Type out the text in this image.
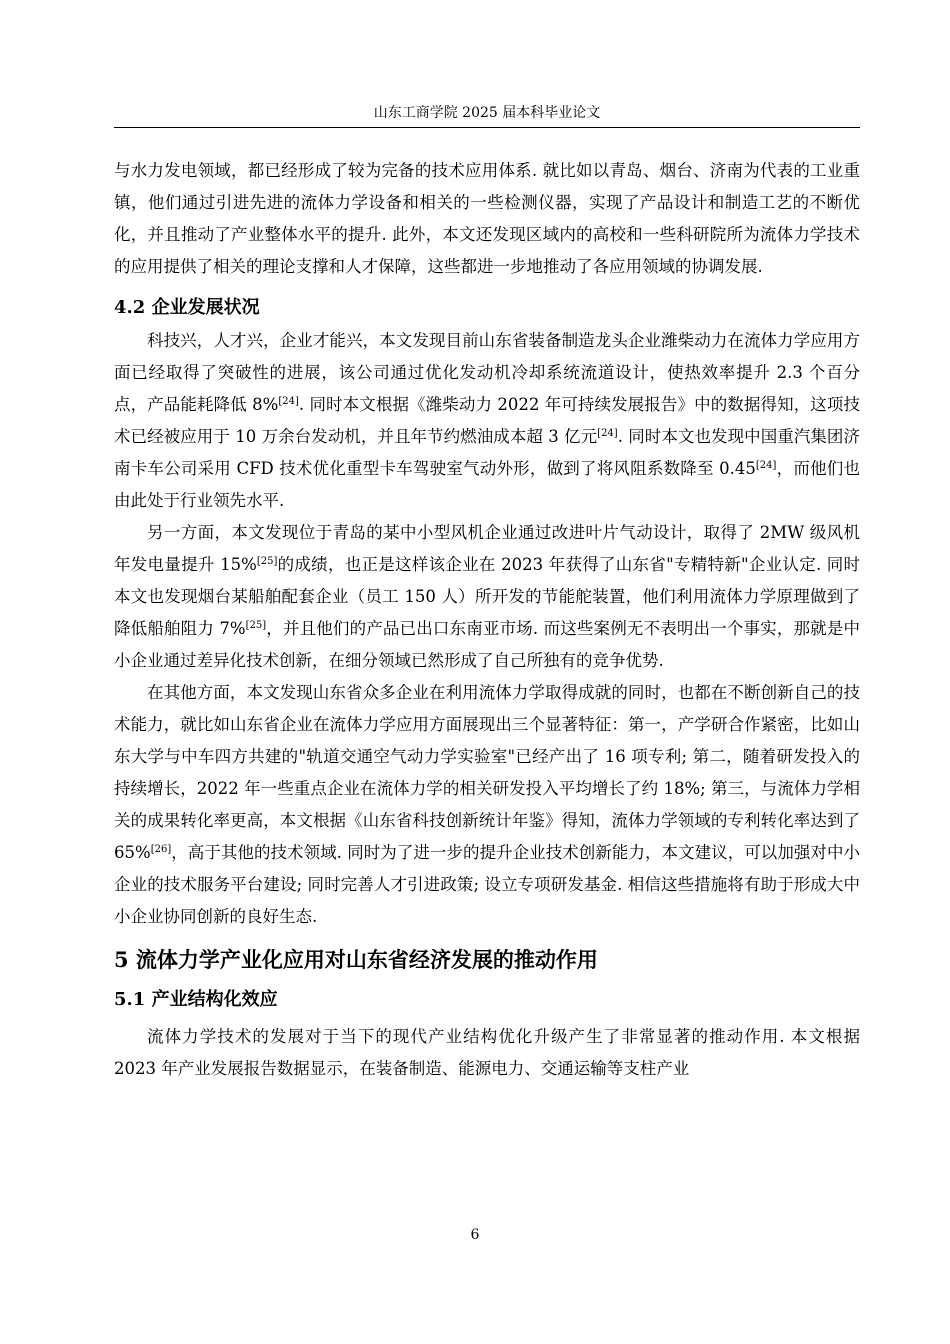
山东工商学院 2025 届本科毕业论文

与水力发电领域，都已经形成了较为完备的技术应用体系. 就比如以青岛、烟台、济南为代表的工业重镇，他们通过引进先进的流体力学设备和相关的一些检测仪器，实现了产品设计和制造工艺的不断优化，并且推动了产业整体水平的提升. 此外，本文还发现区域内的高校和一些科研院所为流体力学技术的应用提供了相关的理论支撑和人才保障，这些都进一步地推动了各应用领域的协调发展.

4.2 企业发展状况

科技兴，人才兴，企业才能兴，本文发现目前山东省装备制造龙头企业潍柴动力在流体力学应用方面已经取得了突破性的进展，该公司通过优化发动机冷却系统流道设计，使热效率提升 2.3 个百分点，产品能耗降低 8%[24]. 同时本文根据《潍柴动力 2022 年可持续发展报告》中的数据得知，这项技术已经被应用于 10 万余台发动机，并且年节约燃油成本超 3 亿元[24]. 同时本文也发现中国重汽集团济南卡车公司采用 CFD 技术优化重型卡车驾驶室气动外形，做到了将风阻系数降至 0.45[24]，而他们也由此处于行业领先水平.

另一方面，本文发现位于青岛的某中小型风机企业通过改进叶片气动设计，取得了 2MW 级风机年发电量提升 15%[25]的成绩，也正是这样该企业在 2023 年获得了山东省"专精特新"企业认定. 同时本文也发现烟台某船舶配套企业（员工 150 人）所开发的节能舵装置，他们利用流体力学原理做到了降低船舶阻力 7%[25]，并且他们的产品已出口东南亚市场. 而这些案例无不表明出一个事实，那就是中小企业通过差异化技术创新，在细分领域已然形成了自己所独有的竞争优势.

在其他方面，本文发现山东省众多企业在利用流体力学取得成就的同时，也都在不断创新自己的技术能力，就比如山东省企业在流体力学应用方面展现出三个显著特征：第一，产学研合作紧密，比如山东大学与中车四方共建的"轨道交通空气动力学实验室"已经产出了 16 项专利; 第二，随着研发投入的持续增长，2022 年一些重点企业在流体力学的相关研发投入平均增长了约 18%; 第三，与流体力学相关的成果转化率更高，本文根据《山东省科技创新统计年鉴》得知，流体力学领域的专利转化率达到了 65%[26]，高于其他的技术领域. 同时为了进一步的提升企业技术创新能力，本文建议，可以加强对中小企业的技术服务平台建设; 同时完善人才引进政策; 设立专项研发基金. 相信这些措施将有助于形成大中小企业协同创新的良好生态.

5 流体力学产业化应用对山东省经济发展的推动作用
5.1 产业结构化效应

流体力学技术的发展对于当下的现代产业结构优化升级产生了非常显著的推动作用. 本文根据 2023 年产业发展报告数据显示，在装备制造、能源电力、交通运输等支柱产业

6
